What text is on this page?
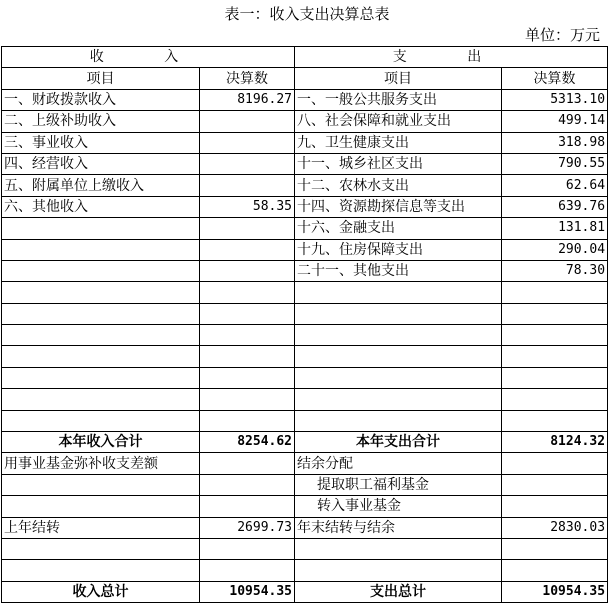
表一：收入支出决算总表
单位：万元
收 入		支 出	
项目	决算数	项目	决算数
一、财政拨款收入	8196.27	一、一般公共服务支出	5313.10
二、上级补助收入		八、社会保障和就业支出	499.14
三、事业收入		九、卫生健康支出	318.98
四、经营收入		十一、城乡社区支出	790.55
五、附属单位上缴收入		十二、农林水支出	62.64
六、其他收入	58.35	十四、资源勘探信息等支出	639.76
		十六、金融支出	131.81
		十九、住房保障支出	290.04
		二十一、其他支出	78.30

本年收入合计	8254.62	本年支出合计	8124.32
用事业基金弥补收支差额		结余分配	
		提取职工福利基金	
		转入事业基金	
上年结转	2699.73	年末结转与结余	2830.03

收入总计	10954.35	支出总计	10954.35
